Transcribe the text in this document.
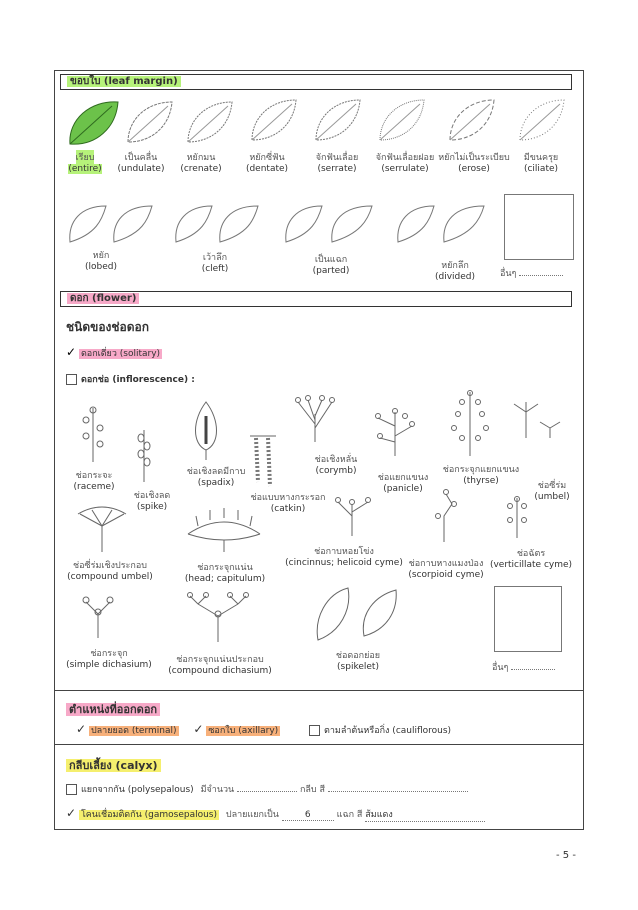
ขอบใบ (leaf margin)
เรียบ
(entire)
เป็นคลื่น
(undulate)
หยักมน
(crenate)
หยักซี่ฟัน
(dentate)
จักฟันเลื่อย
(serrate)
จักฟันเลื่อยฝอย
(serrulate)
หยักไม่เป็นระเบียบ
(erose)
มีขนครุย
(ciliate)
หยัก
(lobed)
เว้าลึก
(cleft)
เป็นแฉก
(parted)	หยักลึก
(divided)	อื่นๆ
ดอก (flower)
ชนิดของช่อดอก
✓ ดอกเดี่ยว (solitary)
ดอกช่อ (inflorescence) :
ช่อกระจะ
(raceme)
ช่อเชิงลด
(spike)
ช่อเชิงลดมีกาบ
(spadix)
ช่อแบบหางกระรอก
(catkin)
ช่อเชิงหลั่น
(corymb)
ช่อแยกแขนง
(panicle)
ช่อกระจุกแยกแขนง
(thyrse)	ช่อซี่ร่ม
(umbel)
ช่อซี่ร่มเชิงประกอบ
(compound umbel)
ช่อกระจุกแน่น
(head; capitulum)
ช่อกาบหอยโข่ง
(cincinnus; helicoid cyme) ช่อกาบหางแมงป่อง
(scorpioid cyme)
ช่อฉัตร
(verticillate cyme)
ช่อกระจุก
(simple dichasium)	ช่อกระจุกแน่นประกอบ
(compound dichasium)
ช่อดอกย่อย
(spikelet)	อื่นๆ
ตำแหน่งที่ออกดอก
✓ ปลายยอด (terminal) ✓ ซอกใบ (axillary)	ตามลำต้นหรือกิ่ง (cauliflorous)
กลีบเลี้ยง (calyx)
แยกจากกัน (polysepalous) มีจำนวน	กลีบ สี
✓ โคนเชื่อมติดกัน (gamosepalous) ปลายแยกเป็น	6	แฉก สี ส้มแดง
- 5 -
